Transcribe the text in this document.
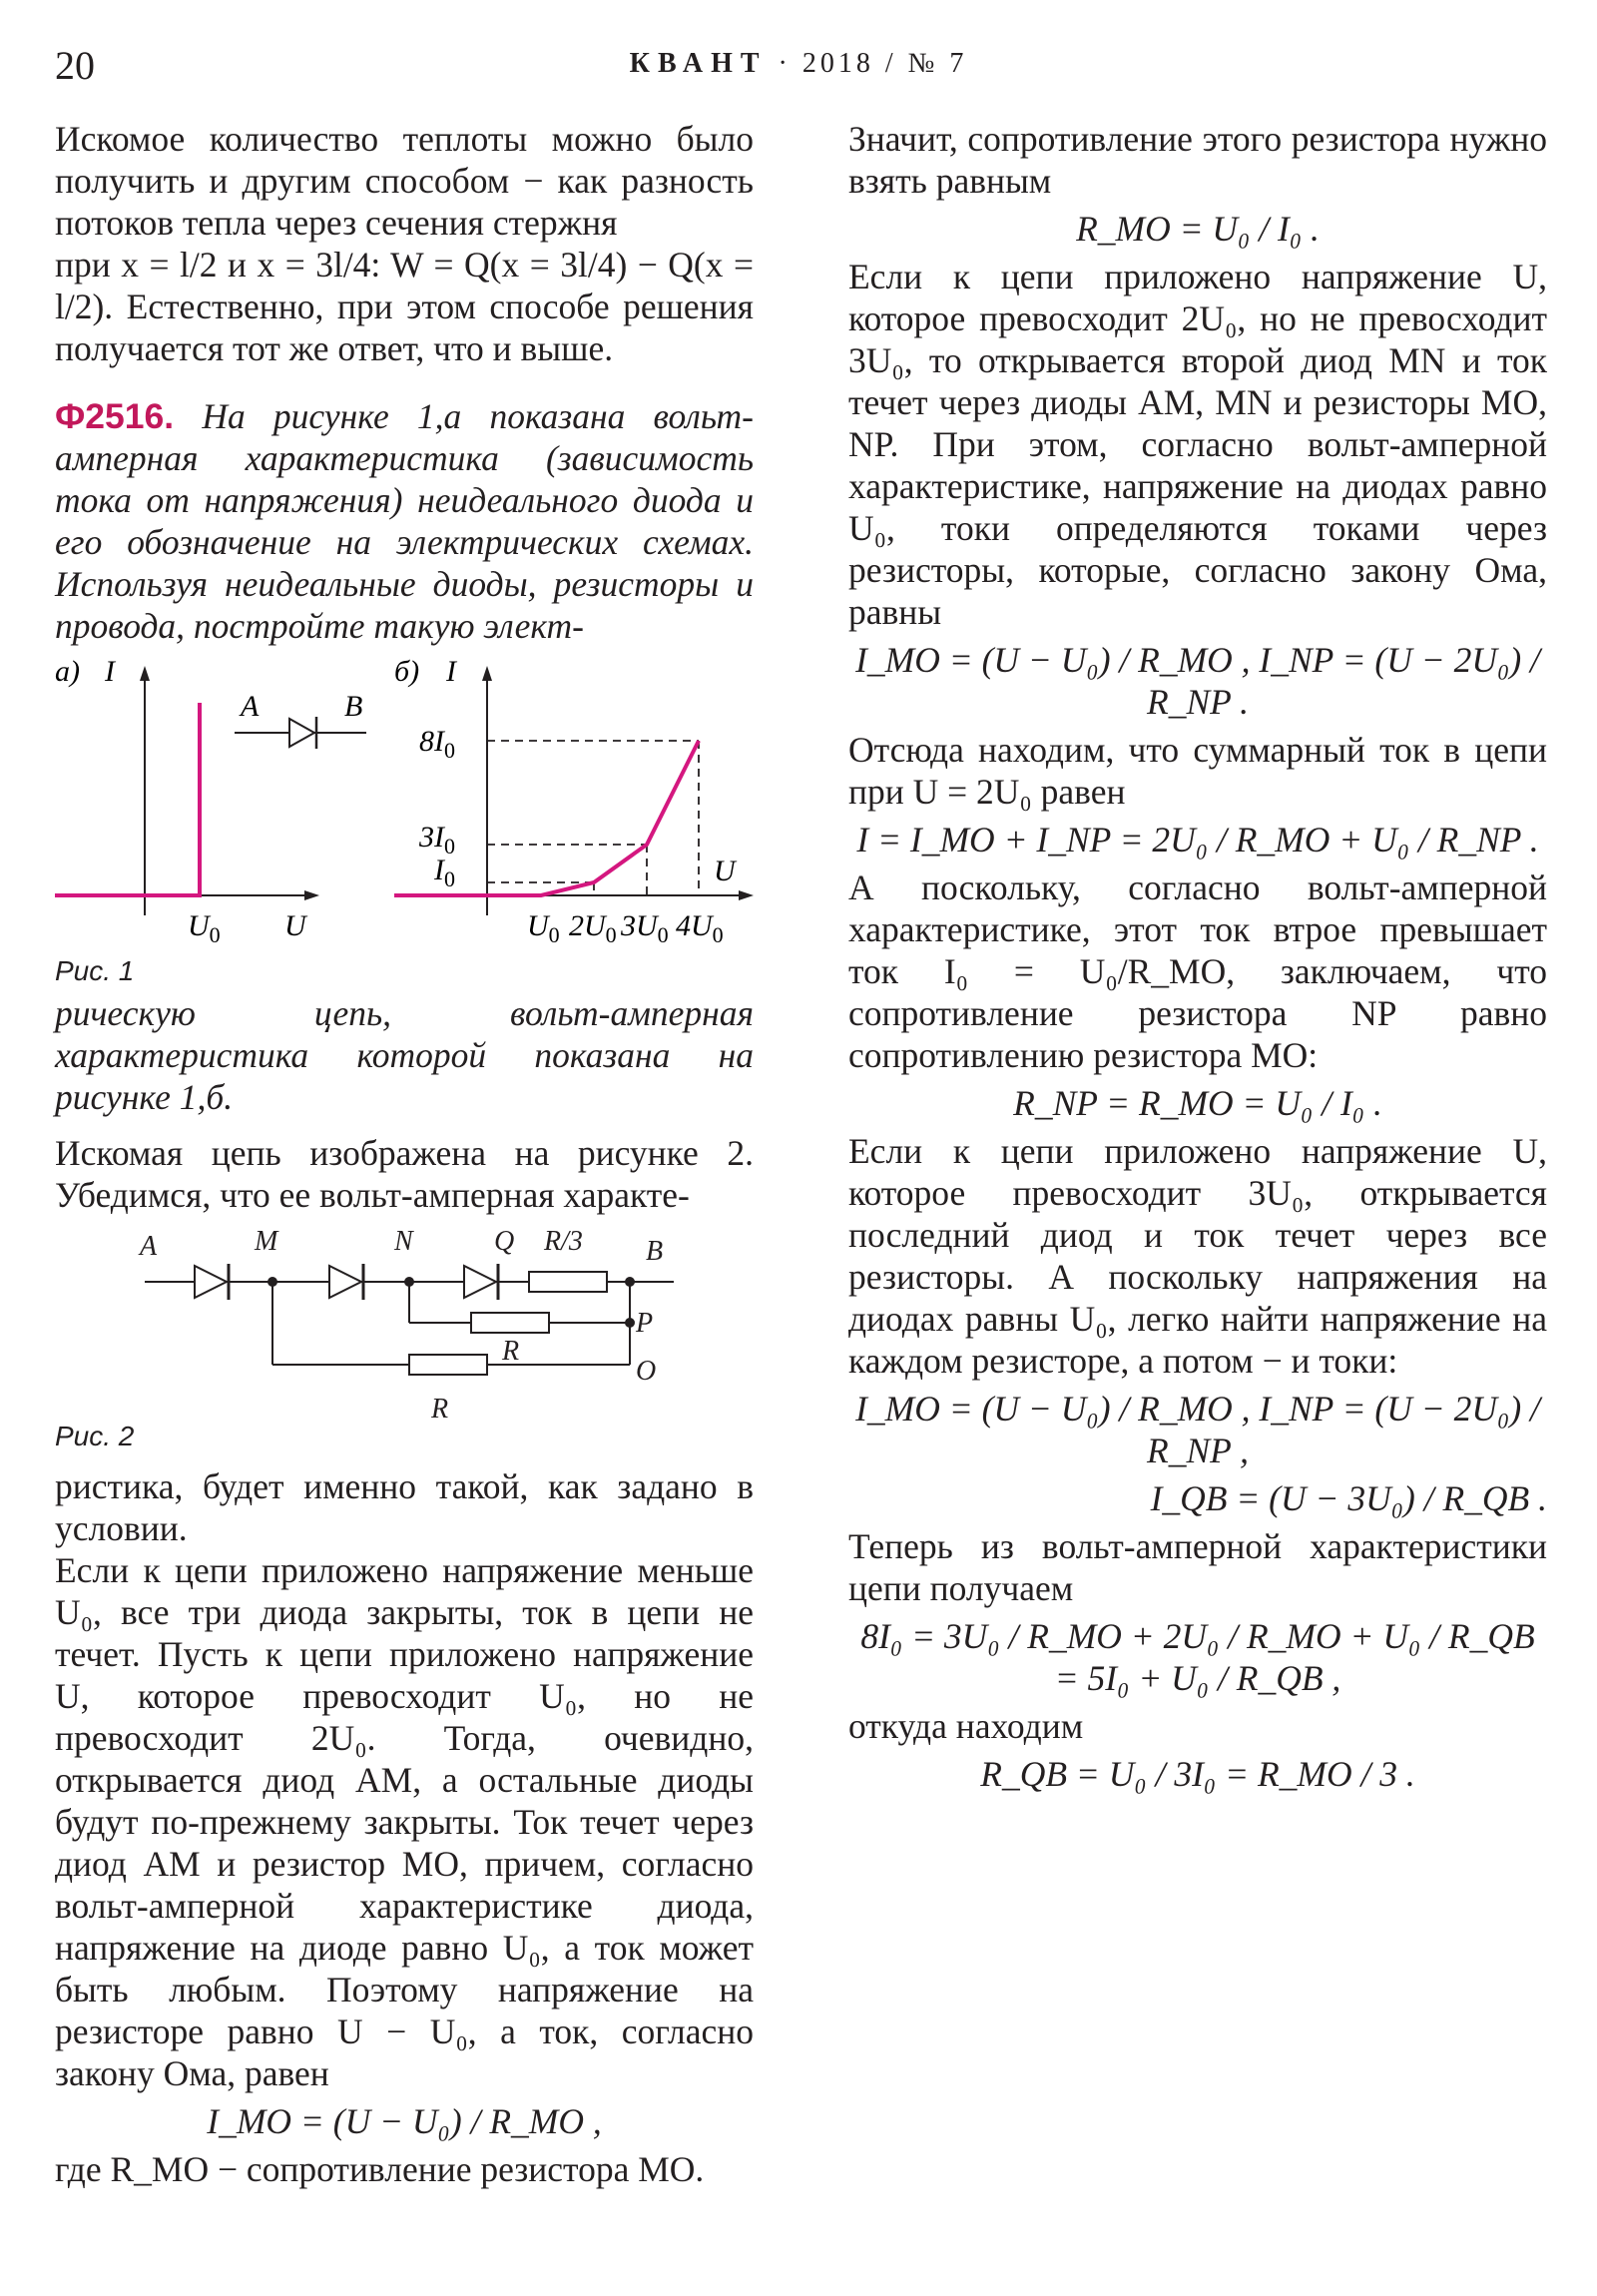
20	КВАНТ · 2018 / № 7

Искомое количество теплоты можно было получить и другим способом − как разность потоков тепла через сечения стержня

при x = l/2 и x = 3l/4: W = Q(x = 3l/4) − Q(x = l/2). Естественно, при этом способе решения получается тот же ответ, что и выше.

Ф2516. На рисунке 1,а показана вольт-амперная характеристика (зависимость тока от напряжения) неидеального диода и его обозначение на электрических схемах. Используя неидеальные диоды, резисторы и провода, постройте такую элект-

а) I
$U_0$ U
A	B
б) I
$8I_0$
$3I_0$
$I_0$	U
$U_0$ $2U_0$ $3U_0$ $4U_0$
Рис. 1

рическую цепь, вольт-амперная характеристика которой показана на рисунке 1,б.

Искомая цепь изображена на рисунке 2. Убедимся, что ее вольт-амперная характе-

A	M	N	Q R/3 B
P
O
R
R
Рис. 2

ристика, будет именно такой, как задано в условии.

Если к цепи приложено напряжение меньше U₀, все три диода закрыты, ток в цепи не течет. Пусть к цепи приложено напряжение U, которое превосходит U₀, но не превосходит 2U₀. Тогда, очевидно, открывается диод AM, а остальные диоды будут по-прежнему закрыты. Ток течет через диод AM и резистор MO, причем, согласно вольт-амперной характеристике диода, напряжение на диоде равно U₀, а ток может быть любым. Поэтому напряжение на резисторе равно U − U₀, а ток, согласно закону Ома, равен

I_MO = (U − U₀) / R_MO ,

где R_MO − сопротивление резистора MO.

Значит, сопротивление этого резистора нужно взять равным

R_MO = U₀ / I₀ .

Если к цепи приложено напряжение U, которое превосходит 2U₀, но не превосходит 3U₀, то открывается второй диод MN и ток течет через диоды AM, MN и резисторы MO, NP. При этом, согласно вольт-амперной характеристике, напряжение на диодах равно U₀, токи определяются токами через резисторы, которые, согласно закону Ома, равны

I_MO = (U − U₀) / R_MO , I_NP = (U − 2U₀) / R_NP .

Отсюда находим, что суммарный ток в цепи при U = 2U₀ равен

I = I_MO + I_NP = 2U₀ / R_MO + U₀ / R_NP .

А поскольку, согласно вольт-амперной характеристике, этот ток втрое превышает ток I₀ = U₀/R_MO, заключаем, что сопротивление резистора NP равно сопротивлению резистора MO:

R_NP = R_MO = U₀ / I₀ .

Если к цепи приложено напряжение U, которое превосходит 3U₀, открывается последний диод и ток течет через все резисторы. А поскольку напряжения на диодах равны U₀, легко найти напряжение на каждом резисторе, а потом − и токи:

I_MO = (U − U₀) / R_MO , I_NP = (U − 2U₀) / R_NP ,
I_QB = (U − 3U₀) / R_QB .

Теперь из вольт-амперной характеристики цепи получаем

8I₀ = 3U₀ / R_MO + 2U₀ / R_MO + U₀ / R_QB = 5I₀ + U₀ / R_QB ,

откуда находим

R_QB = U₀ / 3I₀ = R_MO / 3 .
